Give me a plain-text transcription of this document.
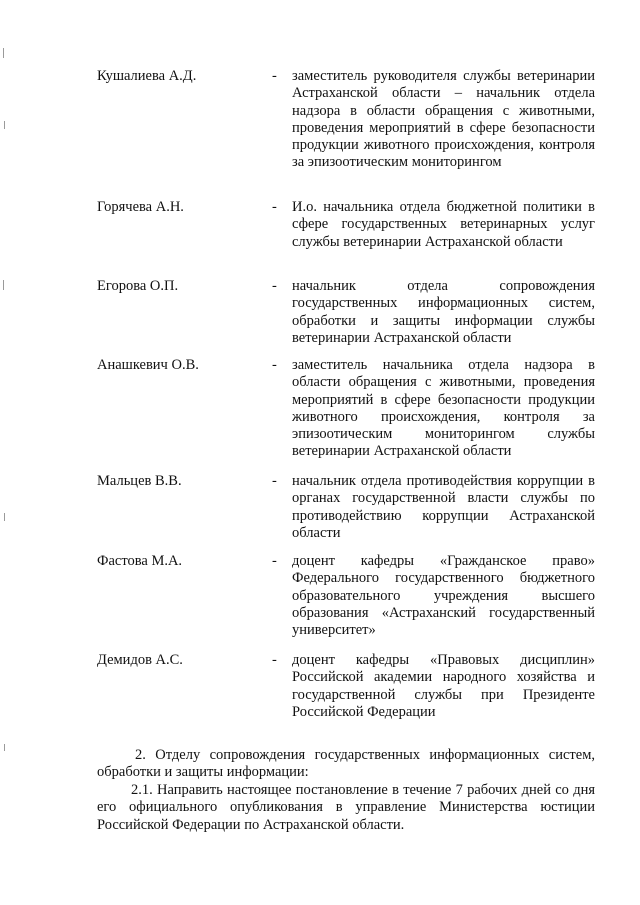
Кушалиева А.Д.	- заместитель руководителя службы ветеринарии Астраханской области – начальник отдела надзора в области обращения с животными, проведения мероприятий в сфере безопасности продукции животного происхождения, контроля за эпизоотическим мониторингом
Горячева А.Н.	- И.о. начальника отдела бюджетной политики в сфере государственных ветеринарных услуг службы ветеринарии Астраханской области
Егорова О.П.	- начальник отдела сопровождения государственных информационных систем, обработки и защиты информации службы ветеринарии Астраханской области
Анашкевич О.В.	- заместитель начальника отдела надзора в области обращения с животными, проведения мероприятий в сфере безопасности продукции животного происхождения, контроля за эпизоотическим мониторингом службы ветеринарии Астраханской области
Мальцев В.В.	- начальник отдела противодействия коррупции в органах государственной власти службы по противодействию коррупции Астраханской области
Фастова М.А.	- доцент кафедры «Гражданское право» Федерального государственного бюджетного образовательного учреждения высшего образования «Астраханский государственный университет»
Демидов А.С.	- доцент кафедры «Правовых дисциплин» Российской академии народного хозяйства и государственной службы при Президенте Российской Федерации
2. Отделу сопровождения государственных информационных систем, обработки и защиты информации:
2.1. Направить настоящее постановление в течение 7 рабочих дней со дня его официального опубликования в управление Министерства юстиции Российской Федерации по Астраханской области.
